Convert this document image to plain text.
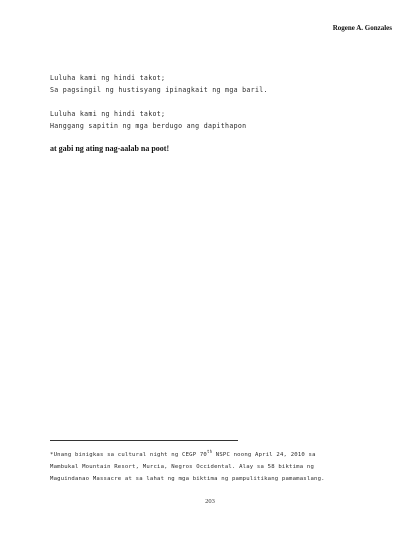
Rogene A. Gonzales
Luluha kami ng hindi takot;
Sa pagsingil ng hustisyang ipinagkait ng mga baril.
Luluha kami ng hindi takot;
Hanggang sapitin ng mga berdugo ang dapithapon
at gabi ng ating nag-aalab na poot!
*Unang binigkas sa cultural night ng CEGP 70th NSPC noong April 24, 2010 sa
Mambukal Mountain Resort, Murcia, Negros Occidental. Alay sa 58 biktima ng
Maguindanao Massacre at sa lahat ng mga biktima ng pampulitikang pamamaslang.
203
